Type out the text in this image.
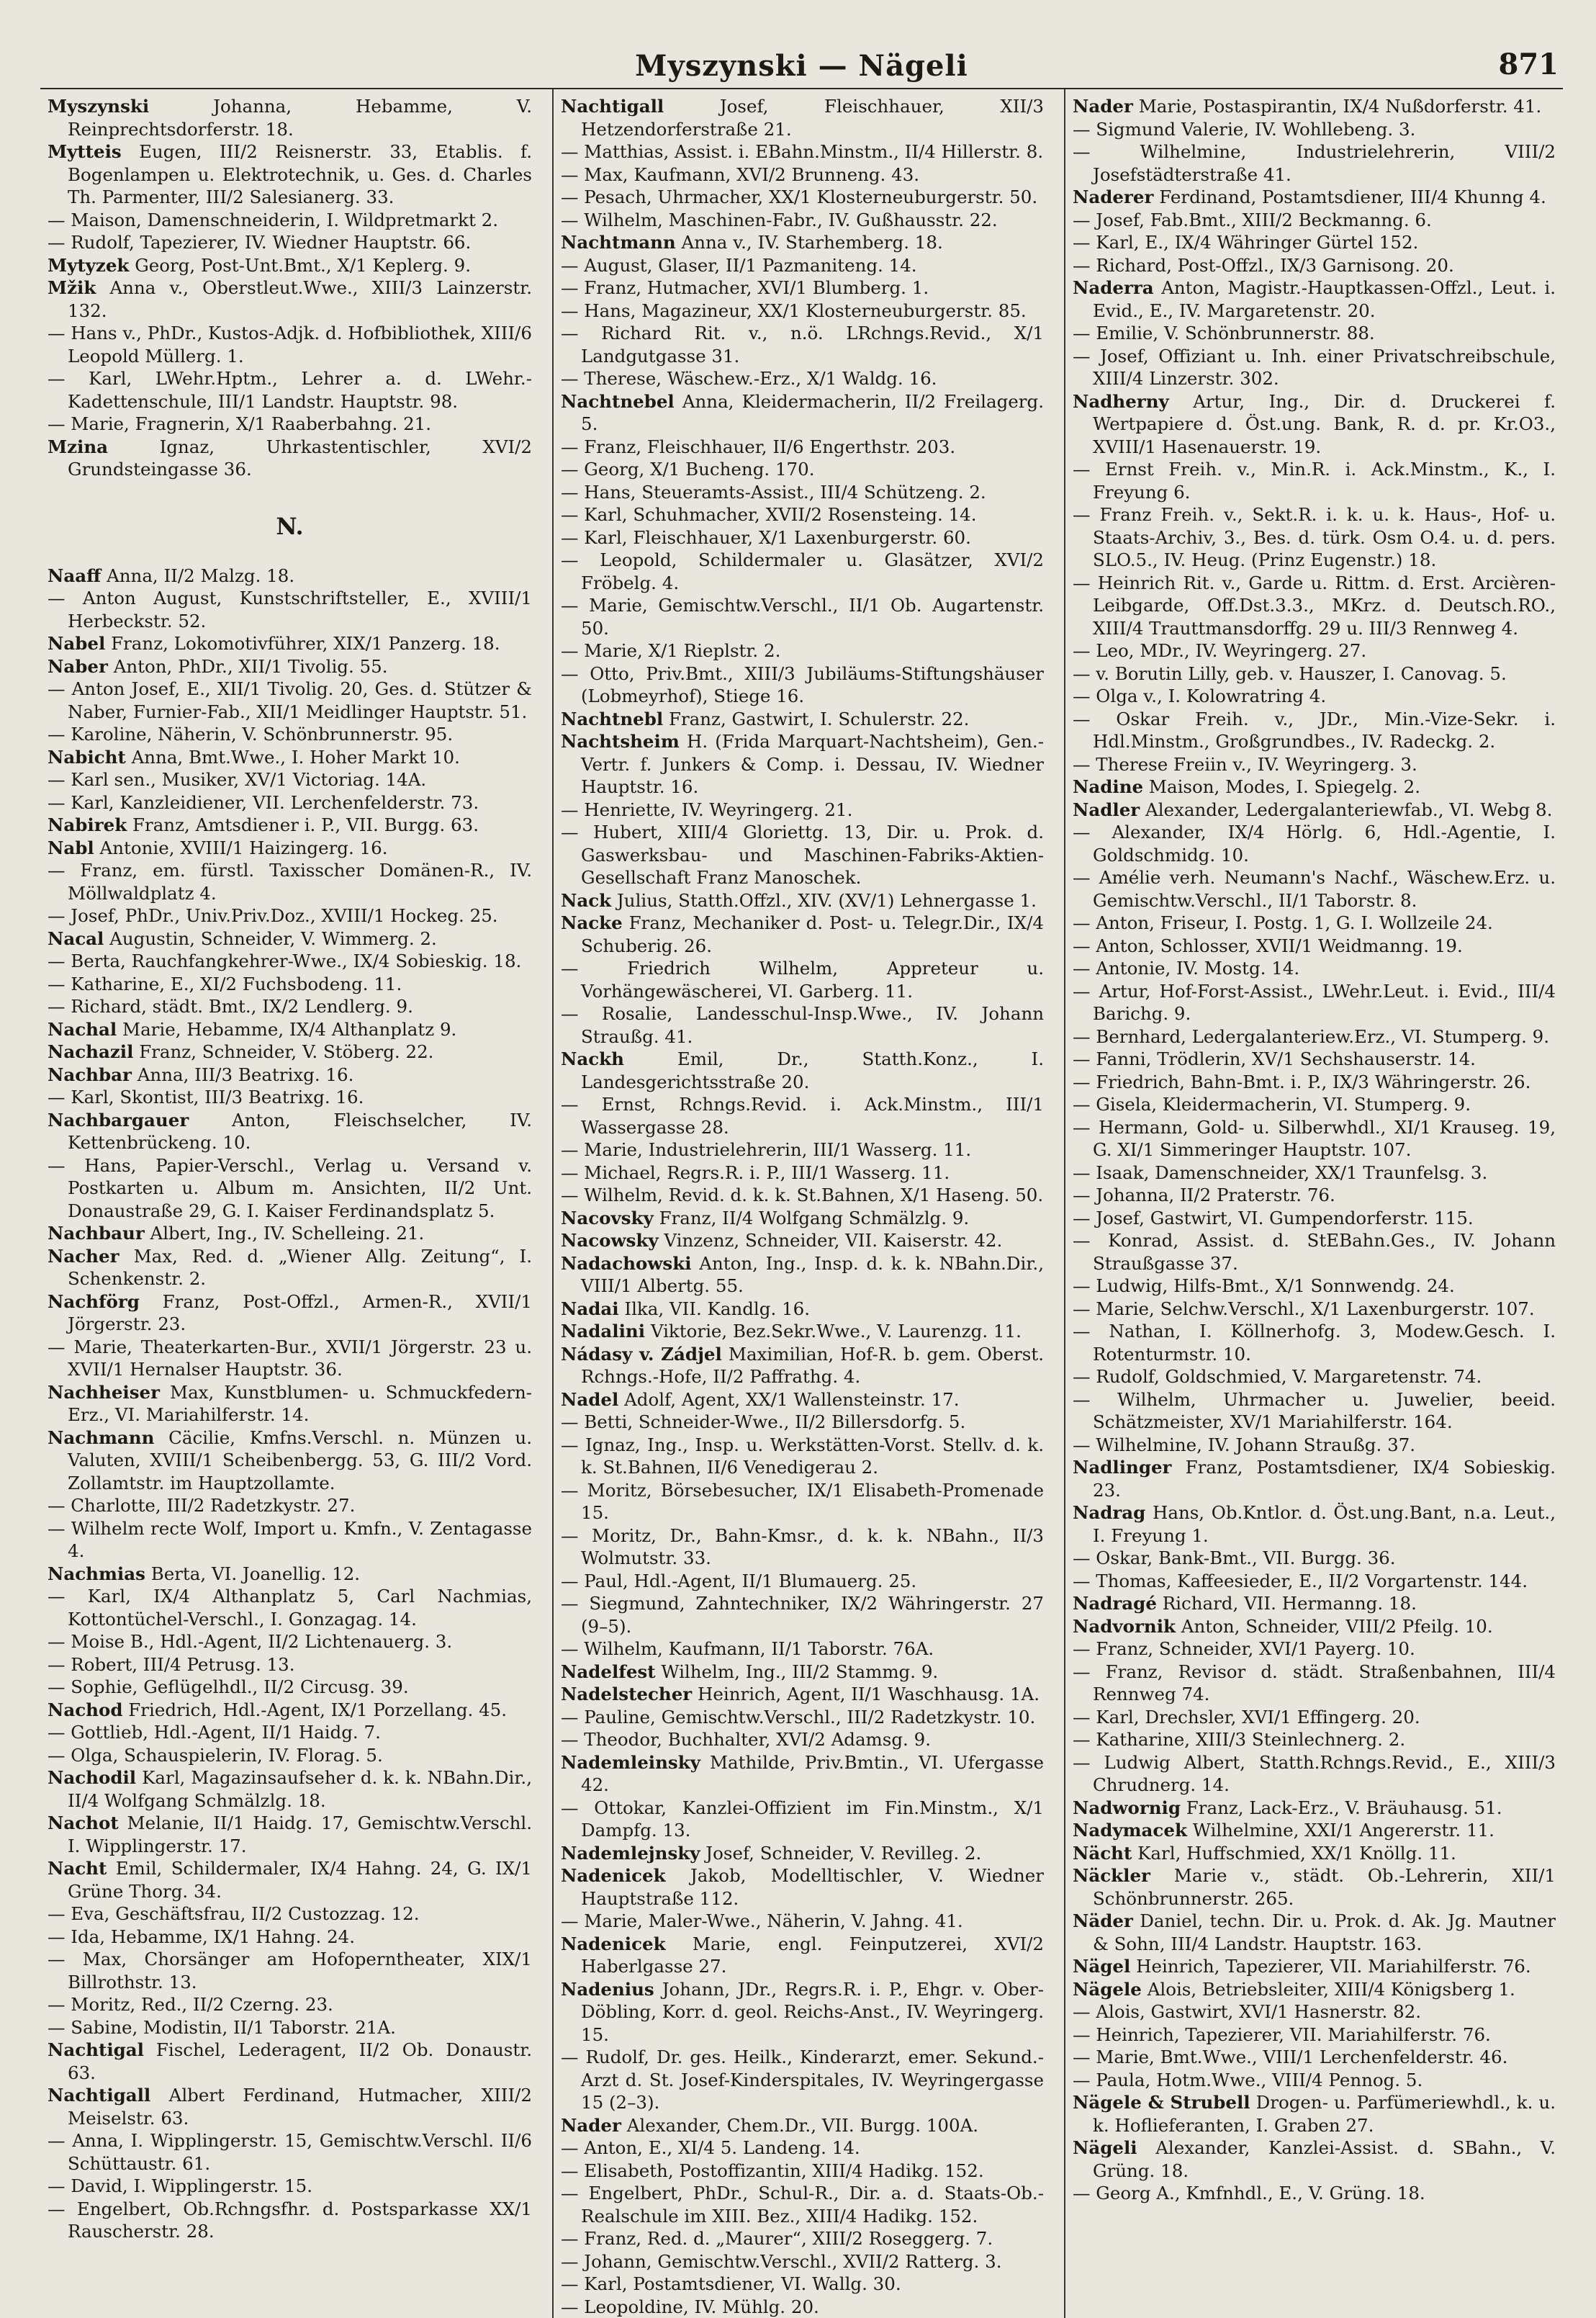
Myszynski — Nägeli	871
Myszynski	Johanna, Hebamme, V. Reinprechtsdorferstr. 18.
Mytteis Eugen, III/2 Reisnerstr. 33, Etablis. f. Bogenlampen u. Elektrotechnik, u. Ges. d. Charles Th. Parmenter, III/2 Salesianerg. 33.
— Maison, Damenschneiderin, I. Wildpretmarkt 2.
— Rudolf, Tapezierer, IV. Wiedner Hauptstr. 66.
Mytyzek Georg, Post-Unt.Bmt., X/1 Keplerg. 9.
Mžik Anna v., Oberstleut.Wwe., XIII/3 Lainzerstr. 132.
— Hans v., PhDr., Kustos-Adjk. d. Hofbibliothek, XIII/6 Leopold Müllerg. 1.
— Karl, LWehr.Hptm., Lehrer a. d. LWehr.-Kadettenschule, III/1 Landstr. Hauptstr. 98.
— Marie, Fragnerin, X/1 Raaberbahng. 21.
Mzina	Ignaz, Uhrkastentischler, XVI/2 Grundsteingasse 36.
N.
Naaff Anna, II/2 Malzg. 18.
— Anton August, Kunstschriftsteller, E., XVIII/1 Herbeckstr. 52.
Nabel Franz, Lokomotivführer, XIX/1 Panzerg. 18.
Naber Anton, PhDr., XII/1 Tivolig. 55.
— Anton Josef, E., XII/1 Tivolig. 20, Ges. d. Stützer & Naber, Furnier-Fab., XII/1 Meidlinger Hauptstr. 51.
— Karoline, Näherin, V. Schönbrunnerstr. 95.
Nabicht Anna, Bmt.Wwe., I. Hoher Markt 10.
— Karl sen., Musiker, XV/1 Victoriag. 14A.
— Karl, Kanzleidiener, VII. Lerchenfelderstr. 73.
Nabirek Franz, Amtsdiener i. P., VII. Burgg. 63.
Nabl Antonie, XVIII/1 Haizingerg. 16.
— Franz, em. fürstl. Taxisscher Domänen-R., IV. Möllwaldplatz 4.
— Josef, PhDr., Univ.Priv.Doz., XVIII/1 Hockeg. 25.
Nacal Augustin, Schneider, V. Wimmerg. 2.
— Berta, Rauchfangkehrer-Wwe., IX/4 Sobieskig. 18.
— Katharine, E., XI/2 Fuchsbodeng. 11.
— Richard, städt. Bmt., IX/2 Lendlerg. 9.
Nachal Marie, Hebamme, IX/4 Althanplatz 9.
Nachazil Franz, Schneider, V. Stöberg. 22.
Nachbar Anna, III/3 Beatrixg. 16.
— Karl, Skontist, III/3 Beatrixg. 16.
Nachbargauer Anton, Fleischselcher, IV. Kettenbrückeng. 10.
— Hans, Papier-Verschl., Verlag u. Versand v. Postkarten u. Album m. Ansichten, II/2 Unt. Donaustraße 29, G. I. Kaiser Ferdinandsplatz 5.
Nachbaur Albert, Ing., IV. Schelleing. 21.
Nacher Max, Red. d. „Wiener Allg. Zeitung“, I. Schenkenstr. 2.
Nachförg Franz, Post-Offzl., Armen-R., XVII/1 Jörgerstr. 23.
— Marie, Theaterkarten-Bur., XVII/1 Jörgerstr. 23 u. XVII/1 Hernalser Hauptstr. 36.
Nachheiser Max, Kunstblumen- u. Schmuckfedern-Erz., VI. Mariahilferstr. 14.
Nachmann Cäcilie, Kmfns.Verschl. n. Münzen u. Valuten, XVIII/1 Scheibenbergg. 53, G. III/2 Vord. Zollamtstr. im Hauptzollamte.
— Charlotte, III/2 Radetzkystr. 27.
— Wilhelm recte Wolf, Import u. Kmfn., V. Zentagasse 4.
Nachmias Berta, VI. Joanellig. 12.
— Karl, IX/4 Althanplatz 5, Carl Nachmias, Kottontüchel-Verschl., I. Gonzagag. 14.
— Moise B., Hdl.-Agent, II/2 Lichtenauerg. 3.
— Robert, III/4 Petrusg. 13.
— Sophie, Geflügelhdl., II/2 Circusg. 39.
Nachod Friedrich, Hdl.-Agent, IX/1 Porzellang. 45.
— Gottlieb, Hdl.-Agent, II/1 Haidg. 7.
— Olga, Schauspielerin, IV. Florag. 5.
Nachodil Karl, Magazinsaufseher d. k. k. NBahn.Dir., II/4 Wolfgang Schmälzlg. 18.
Nachot Melanie, II/1 Haidg. 17, Gemischtw.Verschl. I. Wipplingerstr. 17.
Nacht Emil, Schildermaler, IX/4 Hahng. 24, G. IX/1 Grüne Thorg. 34.
— Eva, Geschäftsfrau, II/2 Custozzag. 12.
— Ida, Hebamme, IX/1 Hahng. 24.
— Max, Chorsänger am Hofoperntheater, XIX/1 Billrothstr. 13.
— Moritz, Red., II/2 Czerng. 23.
— Sabine, Modistin, II/1 Taborstr. 21A.
Nachtigal Fischel, Lederagent, II/2 Ob. Donaustr. 63.
Nachtigall Albert Ferdinand, Hutmacher, XIII/2 Meiselstr. 63.
— Anna, I. Wipplingerstr. 15, Gemischtw.Verschl. II/6 Schüttaustr. 61.
— David, I. Wipplingerstr. 15.
— Engelbert, Ob.Rchngsfhr. d. Postsparkasse XX/1 Rauscherstr. 28.
Nachtigall	Josef, Fleischhauer, XII/3 Hetzendorferstraße 21.
— Matthias, Assist. i. EBahn.Minstm., II/4 Hillerstr. 8.
— Max, Kaufmann, XVI/2 Brunneng. 43.
— Pesach, Uhrmacher, XX/1 Klosterneuburgerstr. 50.
— Wilhelm, Maschinen-Fabr., IV. Gußhausstr. 22.
Nachtmann Anna v., IV. Starhemberg. 18.
— August, Glaser, II/1 Pazmaniteng. 14.
— Franz, Hutmacher, XVI/1 Blumberg. 1.
— Hans, Magazineur, XX/1 Klosterneuburgerstr. 85.
— Richard Rit. v., n.ö. LRchngs.Revid., X/1 Landgutgasse 31.
— Therese, Wäschew.-Erz., X/1 Waldg. 16.
Nachtnebel Anna, Kleidermacherin, II/2 Freilagerg. 5.
— Franz, Fleischhauer, II/6 Engerthstr. 203.
— Georg, X/1 Bucheng. 170.
— Hans, Steueramts-Assist., III/4 Schützeng. 2.
— Karl, Schuhmacher, XVII/2 Rosensteing. 14.
— Karl, Fleischhauer, X/1 Laxenburgerstr. 60.
— Leopold, Schildermaler u. Glasätzer, XVI/2 Fröbelg. 4.
— Marie, Gemischtw.Verschl., II/1 Ob. Augartenstr. 50.
— Marie, X/1 Rieplstr. 2.
— Otto, Priv.Bmt., XIII/3 Jubiläums-Stiftungshäuser (Lobmeyrhof), Stiege 16.
Nachtnebl Franz, Gastwirt, I. Schulerstr. 22.
Nachtsheim H. (Frida Marquart-Nachtsheim), Gen.-Vertr. f. Junkers & Comp. i. Dessau, IV. Wiedner Hauptstr. 16.
— Henriette, IV. Weyringerg. 21.
— Hubert, XIII/4 Gloriettg. 13, Dir. u. Prok. d. Gaswerksbau- und Maschinen-Fabriks-Aktien-Gesellschaft Franz Manoschek.
Nack Julius, Statth.Offzl., XIV. (XV/1) Lehnergasse 1.
Nacke Franz, Mechaniker d. Post- u. Telegr.Dir., IX/4 Schuberig. 26.
— Friedrich Wilhelm, Appreteur u. Vorhängewäscherei, VI. Garberg. 11.
— Rosalie, Landesschul-Insp.Wwe., IV. Johann Straußg. 41.
Nackh	Emil, Dr., Statth.Konz., I. Landesgerichtsstraße 20.
— Ernst, Rchngs.Revid. i. Ack.Minstm., III/1 Wassergasse 28.
— Marie, Industrielehrerin, III/1 Wasserg. 11.
— Michael, Regrs.R. i. P., III/1 Wasserg. 11.
— Wilhelm, Revid. d. k. k. St.Bahnen, X/1 Haseng. 50.
Nacovsky Franz, II/4 Wolfgang Schmälzlg. 9.
Nacowsky Vinzenz, Schneider, VII. Kaiserstr. 42.
Nadachowski Anton, Ing., Insp. d. k. k. NBahn.Dir., VIII/1 Albertg. 55.
Nadai Ilka, VII. Kandlg. 16.
Nadalini Viktorie, Bez.Sekr.Wwe., V. Laurenzg. 11.
Nádasy v. Zádjel Maximilian, Hof-R. b. gem. Oberst. Rchngs.-Hofe, II/2 Paffrathg. 4.
Nadel Adolf, Agent, XX/1 Wallensteinstr. 17.
— Betti, Schneider-Wwe., II/2 Billersdorfg. 5.
— Ignaz, Ing., Insp. u. Werkstätten-Vorst. Stellv. d. k. k. St.Bahnen, II/6 Venedigerau 2.
— Moritz, Börsebesucher, IX/1 Elisabeth-Promenade 15.
— Moritz, Dr., Bahn-Kmsr., d. k. k. NBahn., II/3 Wolmutstr. 33.
— Paul, Hdl.-Agent, II/1 Blumauerg. 25.
— Siegmund, Zahntechniker, IX/2 Währingerstr. 27 (9–5).
— Wilhelm, Kaufmann, II/1 Taborstr. 76A.
Nadelfest Wilhelm, Ing., III/2 Stammg. 9.
Nadelstecher Heinrich, Agent, II/1 Waschhausg. 1A.
— Pauline, Gemischtw.Verschl., III/2 Radetzkystr. 10.
— Theodor, Buchhalter, XVI/2 Adamsg. 9.
Nademleinsky Mathilde, Priv.Bmtin., VI. Ufergasse 42.
— Ottokar, Kanzlei-Offizient im Fin.Minstm., X/1 Dampfg. 13.
Nademlejnsky Josef, Schneider, V. Revilleg. 2.
Nadenicek Jakob, Modelltischler, V. Wiedner Hauptstraße 112.
— Marie, Maler-Wwe., Näherin, V. Jahng. 41.
Nadenicek Marie, engl. Feinputzerei, XVI/2 Haberlgasse 27.
Nadenius Johann, JDr., Regrs.R. i. P., Ehgr. v. Ober-Döbling, Korr. d. geol. Reichs-Anst., IV. Weyringerg. 15.
— Rudolf, Dr. ges. Heilk., Kinderarzt, emer. Sekund.-Arzt d. St. Josef-Kinderspitales, IV. Weyringergasse 15 (2–3).
Nader Alexander, Chem.Dr., VII. Burgg. 100A.
— Anton, E., XI/4 5. Landeng. 14.
— Elisabeth, Postoffizantin, XIII/4 Hadikg. 152.
— Engelbert, PhDr., Schul-R., Dir. a. d. Staats-Ob.-Realschule im XIII. Bez., XIII/4 Hadikg. 152.
— Franz, Red. d. „Maurer“, XIII/2 Roseggerg. 7.
— Johann, Gemischtw.Verschl., XVII/2 Ratterg. 3.
— Karl, Postamtsdiener, VI. Wallg. 30.
— Leopoldine, IV. Mühlg. 20.
Nader Marie, Postaspirantin, IX/4 Nußdorferstr. 41.
— Sigmund Valerie, IV. Wohllebeng. 3.
— Wilhelmine, Industrielehrerin, VIII/2 Josefstädterstraße 41.
Naderer Ferdinand, Postamtsdiener, III/4 Khunng 4.
— Josef, Fab.Bmt., XIII/2 Beckmanng. 6.
— Karl, E., IX/4 Währinger Gürtel 152.
— Richard, Post-Offzl., IX/3 Garnisong. 20.
Naderra Anton, Magistr.-Hauptkassen-Offzl., Leut. i. Evid., E., IV. Margaretenstr. 20.
— Emilie, V. Schönbrunnerstr. 88.
— Josef, Offiziant u. Inh. einer Privatschreibschule, XIII/4 Linzerstr. 302.
Nadherny Artur, Ing., Dir. d. Druckerei f. Wertpapiere d. Öst.ung. Bank, R. d. pr. Kr.O3., XVIII/1 Hasenauerstr. 19.
— Ernst Freih. v., Min.R. i. Ack.Minstm., K., I. Freyung 6.
— Franz Freih. v., Sekt.R. i. k. u. k. Haus-, Hof- u. Staats-Archiv, 3., Bes. d. türk. Osm O.4. u. d. pers. SLO.5., IV. Heug. (Prinz Eugenstr.) 18.
— Heinrich Rit. v., Garde u. Rittm. d. Erst. Arcièren-Leibgarde, Off.Dst.3.3., MKrz. d. Deutsch.RO., XIII/4 Trauttmansdorffg. 29 u. III/3 Rennweg 4.
— Leo, MDr., IV. Weyringerg. 27.
— v. Borutin Lilly, geb. v. Hauszer, I. Canovag. 5.
— Olga v., I. Kolowratring 4.
— Oskar Freih. v., JDr., Min.-Vize-Sekr. i. Hdl.Minstm., Großgrundbes., IV. Radeckg. 2.
— Therese Freiin v., IV. Weyringerg. 3.
Nadine Maison, Modes, I. Spiegelg. 2.
Nadler Alexander, Ledergalanteriewfab., VI. Webg 8.
— Alexander, IX/4 Hörlg. 6, Hdl.-Agentie, I. Goldschmidg. 10.
— Amélie verh. Neumann's Nachf., Wäschew.Erz. u. Gemischtw.Verschl., II/1 Taborstr. 8.
— Anton, Friseur, I. Postg. 1, G. I. Wollzeile 24.
— Anton, Schlosser, XVII/1 Weidmanng. 19.
— Antonie, IV. Mostg. 14.
— Artur, Hof-Forst-Assist., LWehr.Leut. i. Evid., III/4 Barichg. 9.
— Bernhard, Ledergalanteriew.Erz., VI. Stumperg. 9.
— Fanni, Trödlerin, XV/1 Sechshauserstr. 14.
— Friedrich, Bahn-Bmt. i. P., IX/3 Währingerstr. 26.
— Gisela, Kleidermacherin, VI. Stumperg. 9.
— Hermann, Gold- u. Silberwhdl., XI/1 Krauseg. 19, G. XI/1 Simmeringer Hauptstr. 107.
— Isaak, Damenschneider, XX/1 Traunfelsg. 3.
— Johanna, II/2 Praterstr. 76.
— Josef, Gastwirt, VI. Gumpendorferstr. 115.
— Konrad, Assist. d. StEBahn.Ges., IV. Johann Straußgasse 37.
— Ludwig, Hilfs-Bmt., X/1 Sonnwendg. 24.
— Marie, Selchw.Verschl., X/1 Laxenburgerstr. 107.
— Nathan, I. Köllnerhofg. 3, Modew.Gesch. I. Rotenturmstr. 10.
— Rudolf, Goldschmied, V. Margaretenstr. 74.
— Wilhelm, Uhrmacher u. Juwelier, beeid. Schätzmeister, XV/1 Mariahilferstr. 164.
— Wilhelmine, IV. Johann Straußg. 37.
Nadlinger Franz, Postamtsdiener, IX/4 Sobieskig. 23.
Nadrag Hans, Ob.Kntlor. d. Öst.ung.Bant, n.a. Leut., I. Freyung 1.
— Oskar, Bank-Bmt., VII. Burgg. 36.
— Thomas, Kaffeesieder, E., II/2 Vorgartenstr. 144.
Nadragé Richard, VII. Hermanng. 18.
Nadvornik Anton, Schneider, VIII/2 Pfeilg. 10.
— Franz, Schneider, XVI/1 Payerg. 10.
— Franz, Revisor d. städt. Straßenbahnen, III/4 Rennweg 74.
— Karl, Drechsler, XVI/1 Effingerg. 20.
— Katharine, XIII/3 Steinlechnerg. 2.
— Ludwig Albert, Statth.Rchngs.Revid., E., XIII/3 Chrudnerg. 14.
Nadwornig Franz, Lack-Erz., V. Bräuhausg. 51.
Nadymacek Wilhelmine, XXI/1 Angererstr. 11.
Nächt Karl, Huffschmied, XX/1 Knöllg. 11.
Näckler Marie v., städt. Ob.-Lehrerin, XII/1 Schönbrunnerstr. 265.
Näder Daniel, techn. Dir. u. Prok. d. Ak. Jg. Mautner & Sohn, III/4 Landstr. Hauptstr. 163.
Nägel Heinrich, Tapezierer, VII. Mariahilferstr. 76.
Nägele Alois, Betriebsleiter, XIII/4 Königsberg 1.
— Alois, Gastwirt, XVI/1 Hasnerstr. 82.
— Heinrich, Tapezierer, VII. Mariahilferstr. 76.
— Marie, Bmt.Wwe., VIII/1 Lerchenfelderstr. 46.
— Paula, Hotm.Wwe., VIII/4 Pennog. 5.
Nägele & Strubell Drogen- u. Parfümeriewhdl., k. u. k. Hoflieferanten, I. Graben 27.
Nägeli Alexander, Kanzlei-Assist. d. SBahn., V. Grüng. 18.
— Georg A., Kmfnhdl., E., V. Grüng. 18.
